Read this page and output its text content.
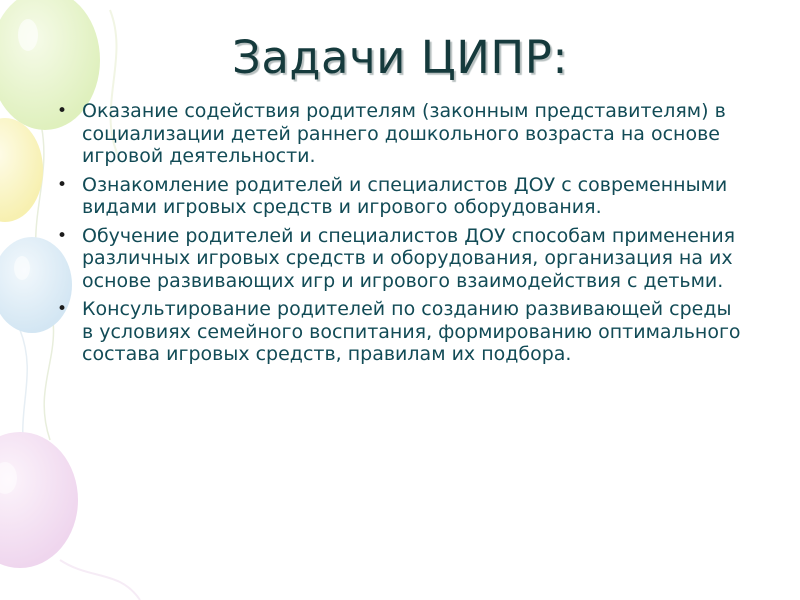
Задачи ЦИПР:
• Оказание содействия родителям (законным представителям) в социализации детей раннего дошкольного возраста на основе игровой деятельности.
• Ознакомление родителей и специалистов ДОУ с современными видами игровых средств и игрового оборудования.
• Обучение родителей и специалистов ДОУ способам применения различных игровых средств и оборудования, организация на их основе развивающих игр и игрового взаимодействия с детьми.
• Консультирование родителей по созданию развивающей среды в условиях семейного воспитания, формированию оптимального состава игровых средств, правилам их подбора.
